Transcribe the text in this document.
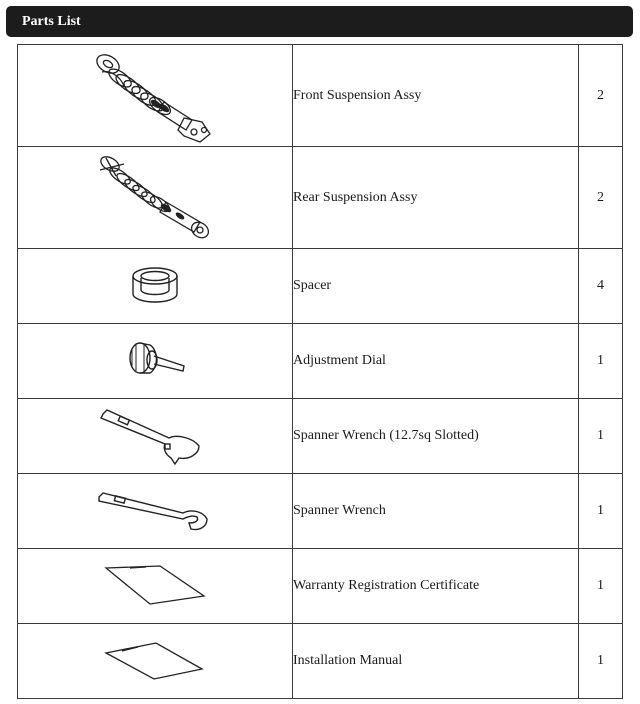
Parts List
	Front Suspension Assy	2

	Rear Suspension Assy	2

	Spacer	4

	Adjustment Dial	1

	Spanner Wrench (12.7sq Slotted)	1

	Spanner Wrench	1

	Warranty Registration Certificate	1

	Installation Manual	1
